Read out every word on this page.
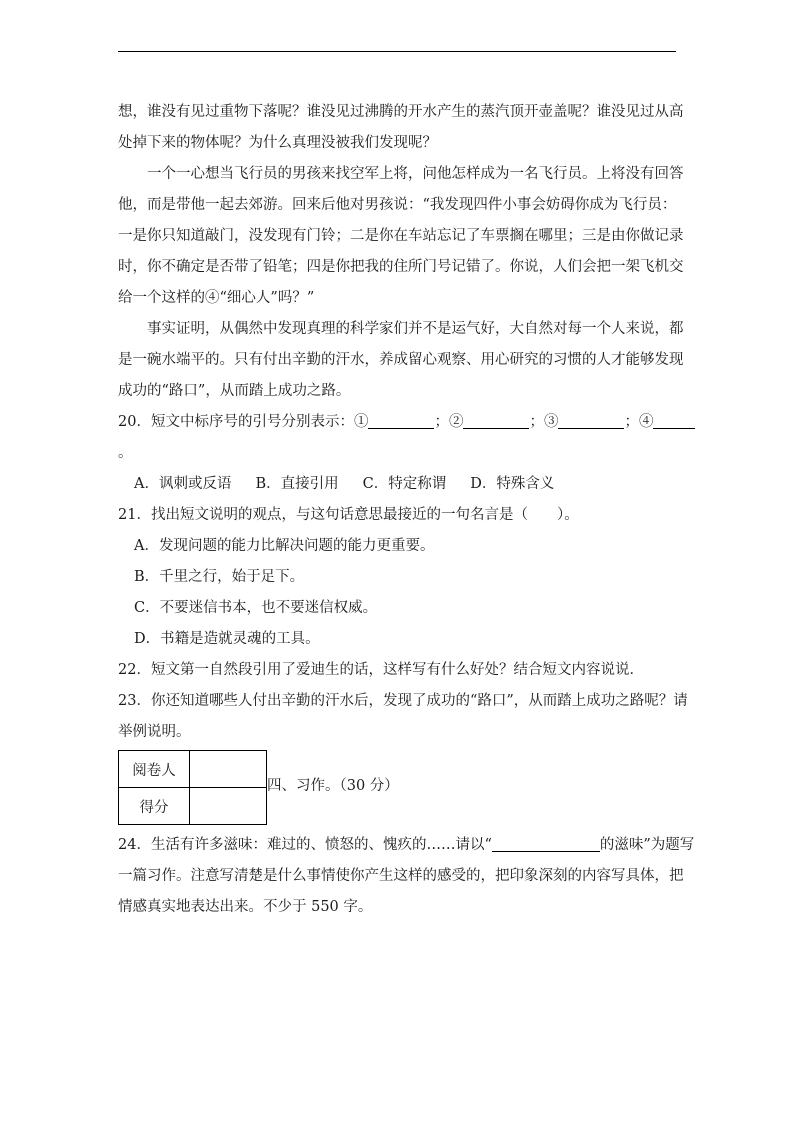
想，谁没有见过重物下落呢？谁没见过沸腾的开水产生的蒸汽顶开壶盖呢？谁没见过从高
处掉下来的物体呢？为什么真理没被我们发现呢？
一个一心想当飞行员的男孩来找空军上将，问他怎样成为一名飞行员。上将没有回答
他，而是带他一起去郊游。回来后他对男孩说：“我发现四件小事会妨碍你成为飞行员：
一是你只知道敲门，没发现有门铃；二是你在车站忘记了车票搁在哪里；三是由你做记录
时，你不确定是否带了铅笔；四是你把我的住所门号记错了。你说，人们会把一架飞机交
给一个这样的④“细心人”吗？”
事实证明，从偶然中发现真理的科学家们并不是运气好，大自然对每一个人来说，都
是一碗水端平的。只有付出辛勤的汗水，养成留心观察、用心研究的习惯的人才能够发现
成功的“路口”，从而踏上成功之路。
20．短文中标序号的引号分别表示：①	；②	；③	；④
。
A．讽刺或反语 B．直接引用 C．特定称谓 D．特殊含义
21．找出短文说明的观点，与这句话意思最接近的一句名言是（　　）。
A．发现问题的能力比解决问题的能力更重要。
B．千里之行，始于足下。
C．不要迷信书本，也不要迷信权威。
D．书籍是造就灵魂的工具。
22．短文第一自然段引用了爱迪生的话，这样写有什么好处？结合短文内容说说．
23．你还知道哪些人付出辛勤的汗水后，发现了成功的“路口”，从而踏上成功之路呢？请
举例说明。
阅卷人	
得分	
四、习作。（30 分）
24．生活有许多滋味：难过的、愤怒的、愧疚的……请以“	的滋味”为题写
一篇习作。注意写清楚是什么事情使你产生这样的感受的，把印象深刻的内容写具体，把
情感真实地表达出来。不少于 550 字。
